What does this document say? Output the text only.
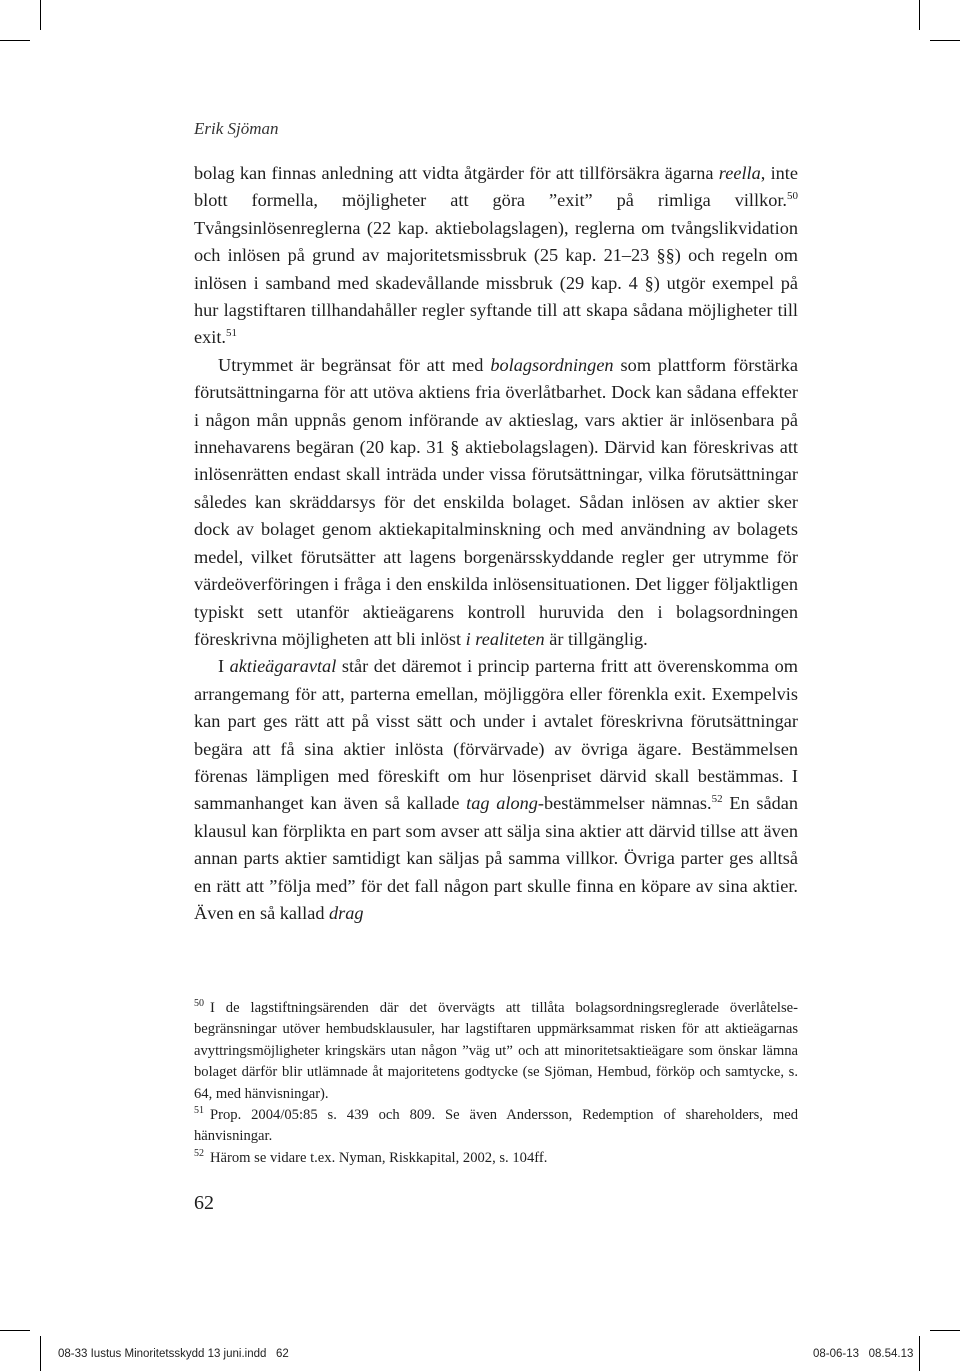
Erik Sjöman

bolag kan finnas anledning att vidta åtgärder för att tillförsäkra ägarna reella, inte blott formella, möjligheter att göra ”exit” på rimliga villkor.$^{50}$ Tvångsinlösenreglerna (22 kap. aktiebolagslagen), reglerna om tvångslikvidation och inlösen på grund av majoritetsmissbruk (25 kap. 21–23 §§) och regeln om inlösen i samband med skadevållande missbruk (29 kap. 4 §) utgör exempel på hur lagstiftaren tillhandahåller regler syftande till att skapa sådana möjligheter till exit.$^{51}$

Utrymmet är begränsat för att med bolagsordningen som plattform förstärka förutsättningarna för att utöva aktiens fria överlåtbarhet. Dock kan sådana effekter i någon mån uppnås genom införande av aktieslag, vars aktier är inlösenbara på innehavarens begäran (20 kap. 31 § aktiebolagslagen). Därvid kan föreskrivas att inlösenrätten endast skall inträda under vissa förutsättningar, vilka förutsättningar således kan skräddarsys för det enskilda bolaget. Sådan inlösen av aktier sker dock av bolaget genom aktiekapitalminskning och med användning av bolagets medel, vilket förutsätter att lagens borgenärsskyddande regler ger utrymme för värdeöverföringen i fråga i den enskilda inlösensituationen. Det ligger följaktligen typiskt sett utanför aktieägarens kontroll huruvida den i bolagsordningen föreskrivna möjligheten att bli inlöst i realiteten är tillgänglig.

I aktieägaravtal står det däremot i princip parterna fritt att överenskomma om arrangemang för att, parterna emellan, möjliggöra eller förenkla exit. Exempelvis kan part ges rätt att på visst sätt och under i avtalet föreskrivna förutsättningar begära att få sina aktier inlösta (förvärvade) av övriga ägare. Bestämmelsen förenas lämpligen med föreskift om hur lösenpriset därvid skall bestämmas. I sammanhanget kan även så kallade tag along-bestämmelser nämnas.$^{52}$ En sådan klausul kan förplikta en part som avser att sälja sina aktier att därvid tillse att även annan parts aktier samtidigt kan säljas på samma villkor. Övriga parter ges alltså en rätt att ”följa med” för det fall någon part skulle finna en köpare av sina aktier. Även en så kallad drag

$^{50}$ I de lagstiftningsärenden där det övervägts att tillåta bolagsordningsreglerade överlåtelsebegränsningar utöver hembudsklausuler, har lagstiftaren uppmärksammat risken för att aktieägarnas avyttringsmöjligheter kringskärs utan någon ”väg ut” och att minoritetsaktieägare som önskar lämna bolaget därför blir utlämnade åt majoritetens godtycke (se Sjöman, Hembud, förköp och samtycke, s. 64, med hänvisningar).

$^{51}$ Prop. 2004/05:85 s. 439 och 809. Se även Andersson, Redemption of shareholders, med hänvisningar.

$^{52}$ Härom se vidare t.ex. Nyman, Riskkapital, 2002, s. 104ff.

62
08-33 Iustus Minoritetsskydd 13 juni.indd   62	08-06-13   08.54.13
